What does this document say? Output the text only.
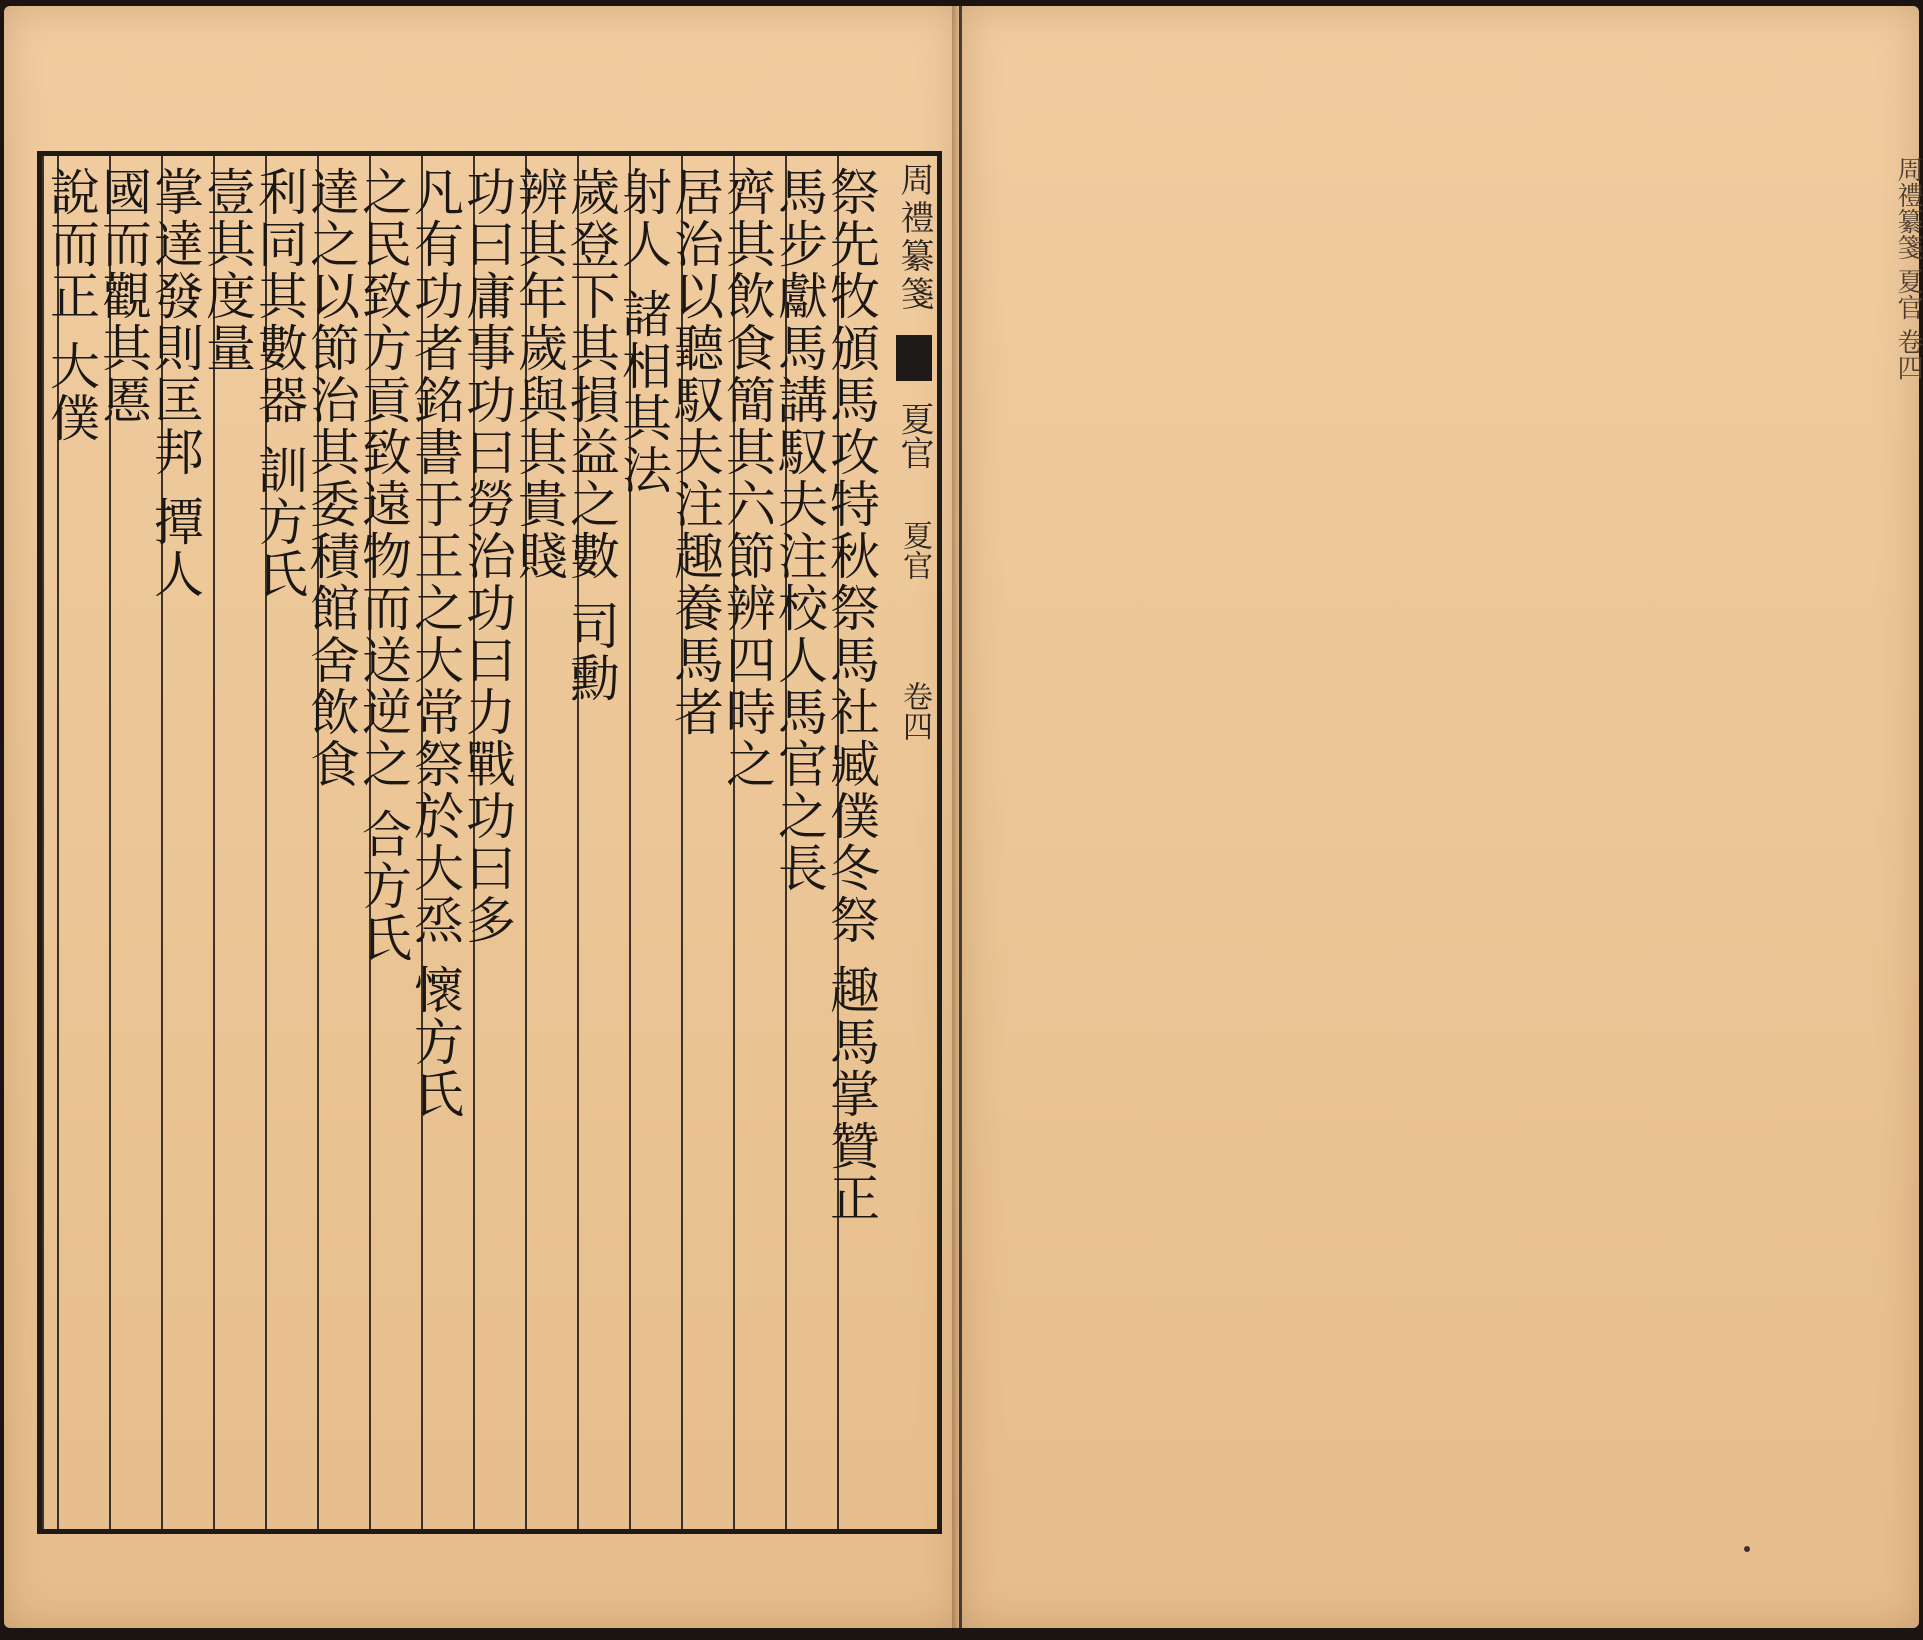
周禮纂箋  夏官 夏官 卷四
祭先牧頒馬攻特秋祭馬社臧僕冬祭 趣馬掌贊正
馬步獻馬講馭夫注校人馬官之長
齊其飲食簡其六節辨四時之
居治以聽馭夫注趣養馬者
射人 諸相其法
歲登下其損益之數 司勳
辨其年歲與其貴賤
功曰庸事功曰勞治功曰力戰功曰多
凡有功者銘書于王之大常祭於大烝 懷方氏
之民致方貢致遠物而送逆之 合方氏
達之以節治其委積館舍飲食
利同其數器 訓方氏
壹其度量
掌達發則匡邦 撢人
國而觀其慝
說而正 大僕	周禮纂箋 夏官 卷四
